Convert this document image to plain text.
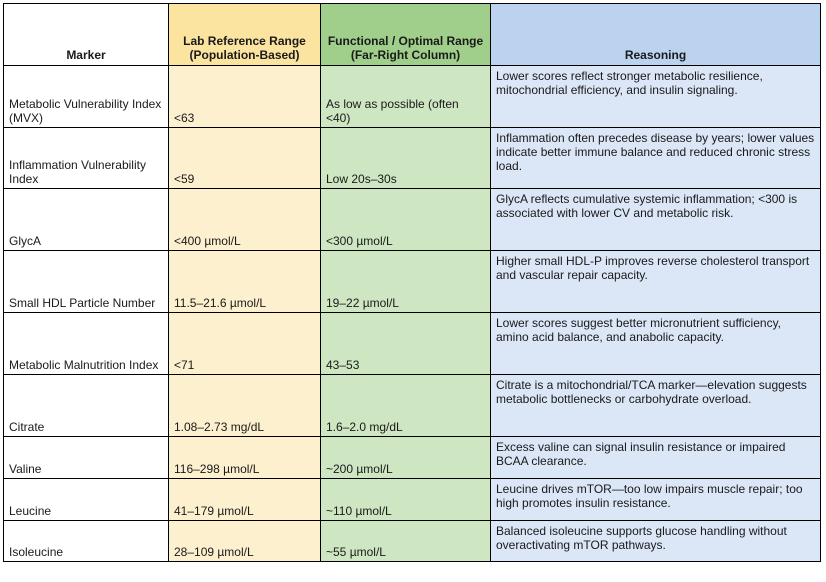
Marker	Lab Reference Range (Population-Based)	Functional / Optimal Range (Far-Right Column)	Reasoning
Metabolic Vulnerability Index (MVX)	<63	As low as possible (often <40)	Lower scores reflect stronger metabolic resilience, mitochondrial efficiency, and insulin signaling.
Inflammation Vulnerability Index	<59	Low 20s–30s	Inflammation often precedes disease by years; lower values indicate better immune balance and reduced chronic stress load.
GlycA	<400 µmol/L	<300 µmol/L	GlycA reflects cumulative systemic inflammation; <300 is associated with lower CV and metabolic risk.
Small HDL Particle Number	11.5–21.6 µmol/L	19–22 µmol/L	Higher small HDL-P improves reverse cholesterol transport and vascular repair capacity.
Metabolic Malnutrition Index	<71	43–53	Lower scores suggest better micronutrient sufficiency, amino acid balance, and anabolic capacity.
Citrate	1.08–2.73 mg/dL	1.6–2.0 mg/dL	Citrate is a mitochondrial/TCA marker—elevation suggests metabolic bottlenecks or carbohydrate overload.
Valine	116–298 µmol/L	~200 µmol/L	Excess valine can signal insulin resistance or impaired BCAA clearance.
Leucine	41–179 µmol/L	~110 µmol/L	Leucine drives mTOR—too low impairs muscle repair; too high promotes insulin resistance.
Isoleucine	28–109 µmol/L	~55 µmol/L	Balanced isoleucine supports glucose handling without overactivating mTOR pathways.
